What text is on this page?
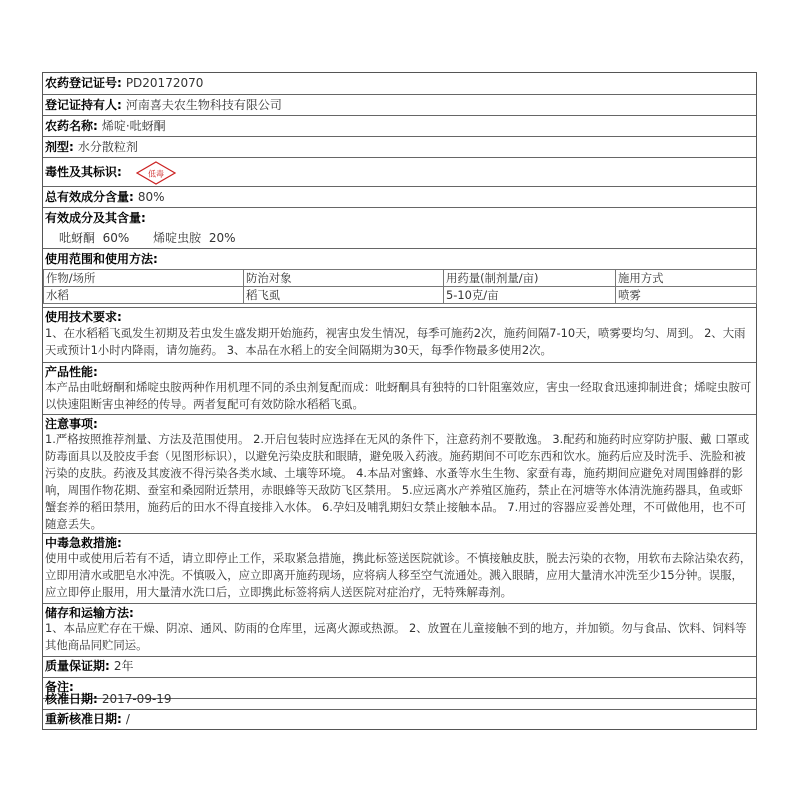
农药登记证号: PD20172070
登记证持有人: 河南喜夫农生物科技有限公司
农药名称: 烯啶·吡蚜酮
剂型: 水分散粒剂
毒性及其标识:	低毒
总有效成分含量: 80%
有效成分及其含量:
吡蚜酮 60% 烯啶虫胺 20%
使用范围和使用方法:
作物/场所	防治对象	用药量(制剂量/亩)	施用方式
水稻	稻飞虱	5-10克/亩	喷雾
使用技术要求:
1、在水稻稻飞虱发生初期及若虫发生盛发期开始施药，视害虫发生情况，每季可施药2次，施药间隔7-10天，喷雾要均匀、周到。 2、大雨天或预计1小时内降雨，请勿施药。 3、本品在水稻上的安全间隔期为30天，每季作物最多使用2次。
产品性能:
本产品由吡蚜酮和烯啶虫胺两种作用机理不同的杀虫剂复配而成：吡蚜酮具有独特的口针阻塞效应，害虫一经取食迅速抑制进食；烯啶虫胺可以快速阻断害虫神经的传导。两者复配可有效防除水稻稻飞虱。
注意事项:
1.严格按照推荐剂量、方法及范围使用。 2.开启包装时应选择在无风的条件下，注意药剂不要散逸。 3.配药和施药时应穿防护服、戴 口罩或防毒面具以及胶皮手套（见图形标识），以避免污染皮肤和眼睛，避免吸入药液。施药期间不可吃东西和饮水。施药后应及时洗手、洗脸和被污染的皮肤。药液及其废液不得污染各类水域、土壤等环境。 4.本品对蜜蜂、水蚤等水生生物、家蚕有毒，施药期间应避免对周围蜂群的影响，周围作物花期、蚕室和桑园附近禁用，赤眼蜂等天敌防飞区禁用。 5.应远离水产养殖区施药，禁止在河塘等水体清洗施药器具，鱼或虾蟹套养的稻田禁用，施药后的田水不得直接排入水体。 6.孕妇及哺乳期妇女禁止接触本品。 7.用过的容器应妥善处理，不可做他用，也不可随意丢失。
中毒急救措施:
使用中或使用后若有不适，请立即停止工作，采取紧急措施，携此标签送医院就诊。不慎接触皮肤，脱去污染的衣物，用软布去除沾染农药，立即用清水或肥皂水冲洗。不慎吸入，应立即离开施药现场，应将病人移至空气流通处。溅入眼睛，应用大量清水冲洗至少15分钟。误服，应立即停止服用，用大量清水洗口后，立即携此标签将病人送医院对症治疗，无特殊解毒剂。
储存和运输方法:
1、本品应贮存在干燥、阴凉、通风、防雨的仓库里，远离火源或热源。 2、放置在儿童接触不到的地方，并加锁。勿与食品、饮料、饲料等其他商品同贮同运。
质量保证期: 2年
备注:
核准日期: 2017-09-19
重新核准日期: /
